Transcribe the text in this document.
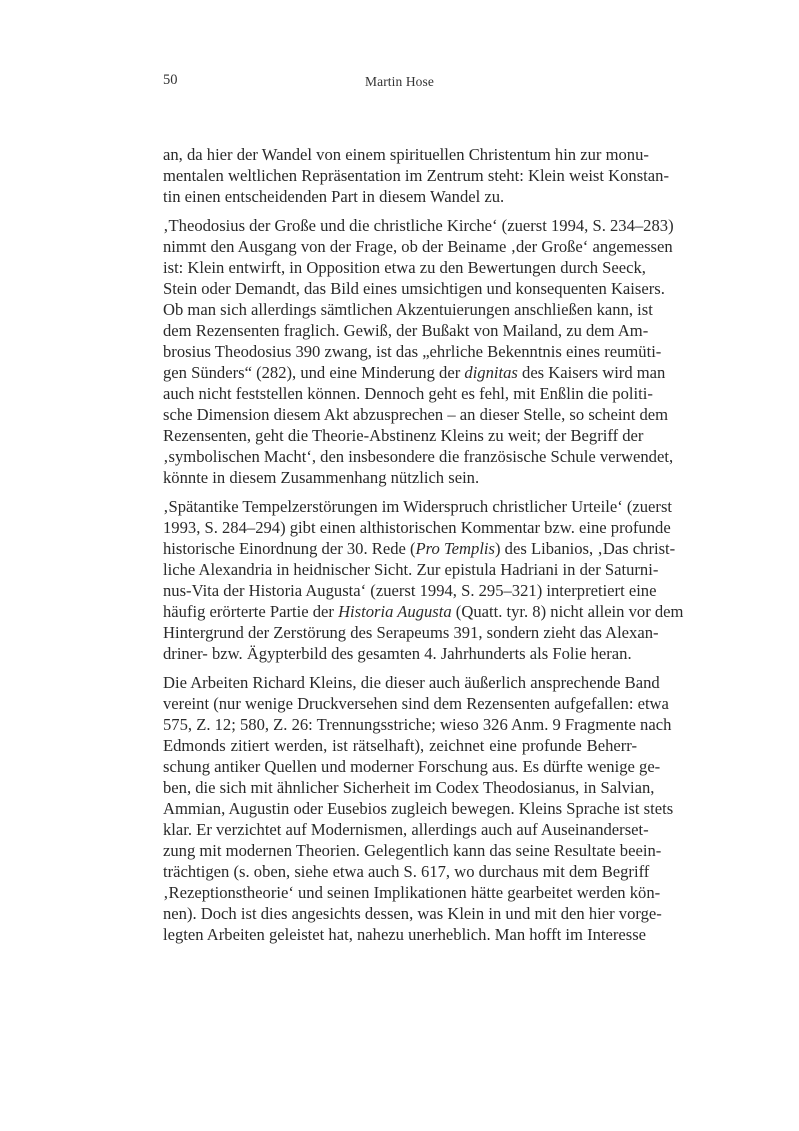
50	Martin Hose
an, da hier der Wandel von einem spirituellen Christentum hin zur monu-
mentalen weltlichen Repräsentation im Zentrum steht: Klein weist Konstan-
tin einen entscheidenden Part in diesem Wandel zu.
‚Theodosius der Große und die christliche Kirche‘ (zuerst 1994, S. 234–283)
nimmt den Ausgang von der Frage, ob der Beiname ‚der Große‘ angemessen
ist: Klein entwirft, in Opposition etwa zu den Bewertungen durch Seeck,
Stein oder Demandt, das Bild eines umsichtigen und konsequenten Kaisers.
Ob man sich allerdings sämtlichen Akzentuierungen anschließen kann, ist
dem Rezensenten fraglich. Gewiß, der Bußakt von Mailand, zu dem Am-
brosius Theodosius 390 zwang, ist das „ehrliche Bekenntnis eines reumüti-
gen Sünders“ (282), und eine Minderung der dignitas des Kaisers wird man
auch nicht feststellen können. Dennoch geht es fehl, mit Enßlin die politi-
sche Dimension diesem Akt abzusprechen – an dieser Stelle, so scheint dem
Rezensenten, geht die Theorie-Abstinenz Kleins zu weit; der Begriff der
‚symbolischen Macht‘, den insbesondere die französische Schule verwendet,
könnte in diesem Zusammenhang nützlich sein.
‚Spätantike Tempelzerstörungen im Widerspruch christlicher Urteile‘ (zuerst
1993, S. 284–294) gibt einen althistorischen Kommentar bzw. eine profunde
historische Einordnung der 30. Rede (Pro Templis) des Libanios, ‚Das christ-
liche Alexandria in heidnischer Sicht. Zur epistula Hadriani in der Saturni-
nus-Vita der Historia Augusta‘ (zuerst 1994, S. 295–321) interpretiert eine
häufig erörterte Partie der Historia Augusta (Quatt. tyr. 8) nicht allein vor dem
Hintergrund der Zerstörung des Serapeums 391, sondern zieht das Alexan-
driner- bzw. Ägypterbild des gesamten 4. Jahrhunderts als Folie heran.
Die Arbeiten Richard Kleins, die dieser auch äußerlich ansprechende Band
vereint (nur wenige Druckversehen sind dem Rezensenten aufgefallen: etwa
575, Z. 12; 580, Z. 26: Trennungsstriche; wieso 326 Anm. 9 Fragmente nach
Edmonds zitiert werden, ist rätselhaft), zeichnet eine profunde Beherr-
schung antiker Quellen und moderner Forschung aus. Es dürfte wenige ge-
ben, die sich mit ähnlicher Sicherheit im Codex Theodosianus, in Salvian,
Ammian, Augustin oder Eusebios zugleich bewegen. Kleins Sprache ist stets
klar. Er verzichtet auf Modernismen, allerdings auch auf Auseinanderset-
zung mit modernen Theorien. Gelegentlich kann das seine Resultate beein-
trächtigen (s. oben, siehe etwa auch S. 617, wo durchaus mit dem Begriff
‚Rezeptionstheorie‘ und seinen Implikationen hätte gearbeitet werden kön-
nen). Doch ist dies angesichts dessen, was Klein in und mit den hier vorge-
legten Arbeiten geleistet hat, nahezu unerheblich. Man hofft im Interesse
